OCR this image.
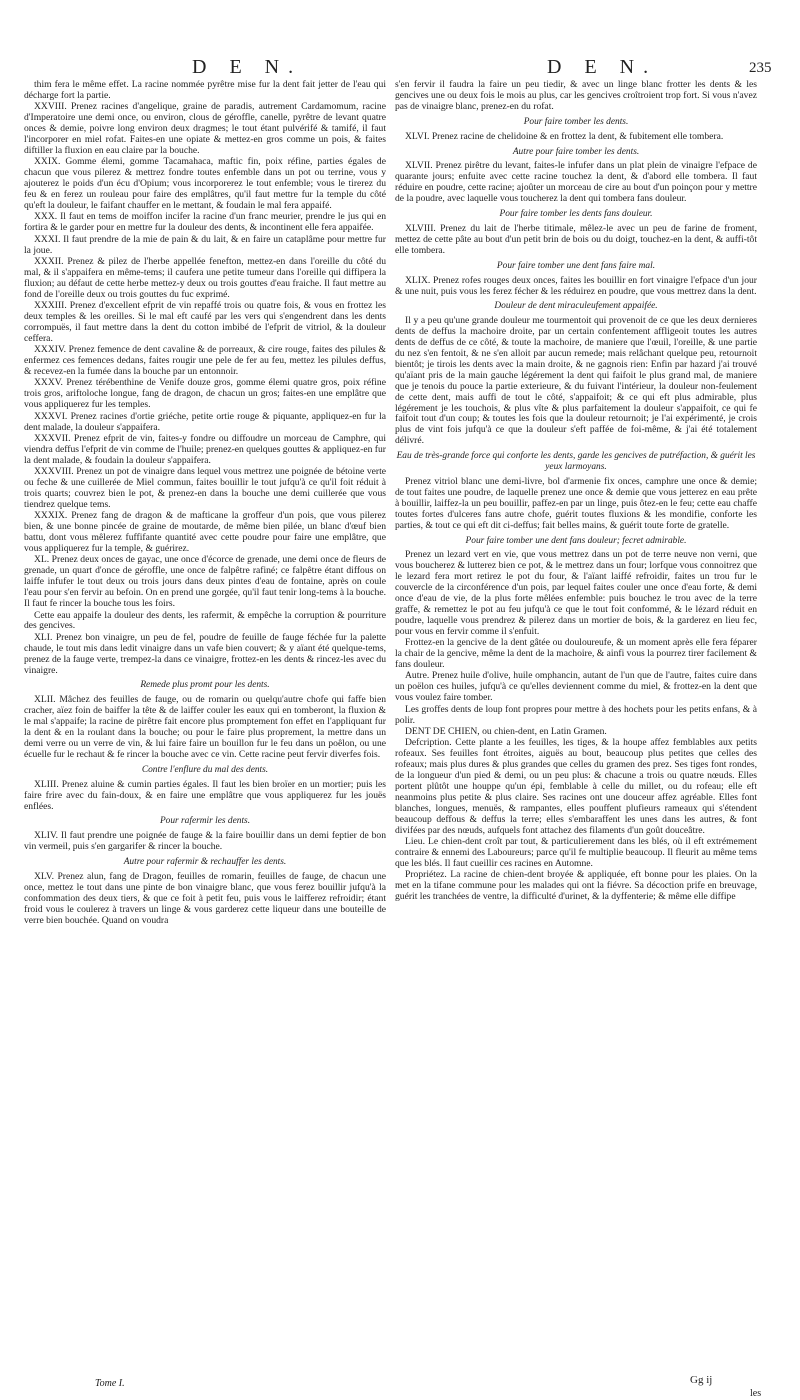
D E N.	D E N.	235

thim fera le même effet. La racine nommée pyrêtre mise fur la dent fait jetter de l'eau qui décharge fort la partie.

XXVIII. Prenez racines d'angelique, graine de paradis, autrement Cardamomum, racine d'Imperatoire une demi once, ou environ, clous de géroffle, canelle, pyrêtre de levant quatre onces & demie, poivre long environ deux dragmes; le tout étant pulvérifé & tamifé, il faut l'incorporer en miel rofat. Faites-en une opiate & mettez-en gros comme un pois, & faites diftiller la fluxion en eau claire par la bouche.

XXIX. Gomme élemi, gomme Tacamahaca, maftic fin, poix réfine, parties égales de chacun que vous pilerez & mettrez fondre toutes enfemble dans un pot ou terrine, vous y ajouterez le poids d'un écu d'Opium; vous incorporerez le tout enfemble; vous le tirerez du feu & en ferez un rouleau pour faire des emplâtres, qu'il faut mettre fur la temple du côté qu'eft la douleur, le faifant chauffer en le mettant, & foudain le mal fera appaifé.

XXX. Il faut en tems de moiffon incifer la racine d'un franc meurier, prendre le jus qui en fortira & le garder pour en mettre fur la douleur des dents, & incontinent elle fera appaifée.

XXXI. Il faut prendre de la mie de pain & du lait, & en faire un cataplâme pour mettre fur la joue.

XXXII. Prenez & pilez de l'herbe appellée fenefton, mettez-en dans l'oreille du côté du mal, & il s'appaifera en même-tems; il caufera une petite tumeur dans l'oreille qui diffipera la fluxion; au défaut de cette herbe mettez-y deux ou trois gouttes d'eau fraiche. Il faut mettre au fond de l'oreille deux ou trois gouttes du fuc exprimé.

XXXIII. Prenez d'excellent efprit de vin repaffé trois ou quatre fois, & vous en frottez les deux temples & les oreilles. Si le mal eft caufé par les vers qui s'engendrent dans les dents corrompuës, il faut mettre dans la dent du cotton imbibé de l'efprit de vitriol, & la douleur ceffera.

XXXIV. Prenez femence de dent cavaline & de porreaux, & cire rouge, faites des pilules & enfermez ces femences dedans, faites rougir une pele de fer au feu, mettez les pilules deffus, & recevez-en la fumée dans la bouche par un entonnoir.

XXXV. Prenez térébenthine de Venife douze gros, gomme élemi quatre gros, poix réfine trois gros, ariftoloche longue, fang de dragon, de chacun un gros; faites-en une emplâtre que vous appliquerez fur les temples.

XXXVI. Prenez racines d'ortie griéche, petite ortie rouge & piquante, appliquez-en fur la dent malade, la douleur s'appaifera.

XXXVII. Prenez efprit de vin, faites-y fondre ou diffoudre un morceau de Camphre, qui viendra deffus l'efprit de vin comme de l'huile; prenez-en quelques gouttes & appliquez-en fur la dent malade, & foudain la douleur s'appaifera.

XXXVIII. Prenez un pot de vinaigre dans lequel vous mettrez une poignée de bétoine verte ou feche & une cuillerée de Miel commun, faites bouillir le tout jufqu'à ce qu'il foit réduit à trois quarts; couvrez bien le pot, & prenez-en dans la bouche une demi cuillerée que vous tiendrez quelque tems.

XXXIX. Prenez fang de dragon & de mafticane la groffeur d'un pois, que vous pilerez bien, & une bonne pincée de graine de moutarde, de même bien pilée, un blanc d'œuf bien battu, dont vous mêlerez fuffifante quantité avec cette poudre pour faire une emplâtre, que vous appliquerez fur la temple, & guérirez.

XL. Prenez deux onces de gayac, une once d'écorce de grenade, une demi once de fleurs de grenade, un quart d'once de géroffle, une once de falpêtre rafiné; ce falpêtre étant diffous on laiffe infufer le tout deux ou trois jours dans deux pintes d'eau de fontaine, après on coule l'eau pour s'en fervir au befoin. On en prend une gorgée, qu'il faut tenir long-tems à la bouche. Il faut fe rincer la bouche tous les foirs.

Cette eau appaife la douleur des dents, les rafermit, & empêche la corruption & pourriture des gencives.

XLI. Prenez bon vinaigre, un peu de fel, poudre de feuille de fauge féchée fur la palette chaude, le tout mis dans ledit vinaigre dans un vafe bien couvert; & y aïant été quelque-tems, prenez de la fauge verte, trempez-la dans ce vinaigre, frottez-en les dents & rincez-les avec du vinaigre.

Remede plus promt pour les dents.

XLII. Mâchez des feuilles de fauge, ou de romarin ou quelqu'autre chofe qui faffe bien cracher, aïez foin de baiffer la tête & de laiffer couler les eaux qui en tomberont, la fluxion & le mal s'appaife; la racine de pirêtre fait encore plus promptement fon effet en l'appliquant fur la dent & en la roulant dans la bouche; ou pour le faire plus proprement, la mettre dans un demi verre ou un verre de vin, & lui faire faire un bouillon fur le feu dans un poêlon, ou une écuelle fur le rechaut & fe rincer la bouche avec ce vin. Cette racine peut fervir diverfes fois.

Contre l'enflure du mal des dents.

XLIII. Prenez aluine & cumin parties égales. Il faut les bien broïer en un mortier; puis les faire frire avec du fain-doux, & en faire une emplâtre que vous appliquerez fur les jouës enflées.

Pour rafermir les dents.

XLIV. Il faut prendre une poignée de fauge & la faire bouillir dans un demi feptier de bon vin vermeil, puis s'en gargarifer & rincer la bouche.

Autre pour rafermir & rechauffer les dents.

XLV. Prenez alun, fang de Dragon, feuilles de romarin, feuilles de fauge, de chacun une once, mettez le tout dans une pinte de bon vinaigre blanc, que vous ferez bouillir jufqu'à la confommation des deux tiers, & que ce foit à petit feu, puis vous le laifferez refroidir; étant froid vous le coulerez à travers un linge & vous garderez cette liqueur dans une bouteille de verre bien bouchée. Quand on voudra

s'en fervir il faudra la faire un peu tiedir, & avec un linge blanc frotter les dents & les gencives une ou deux fois le mois au plus, car les gencives croîtroient trop fort. Si vous n'avez pas de vinaigre blanc, prenez-en du rofat.

Pour faire tomber les dents.

XLVI. Prenez racine de chelidoine & en frottez la dent, & fubitement elle tombera.

Autre pour faire tomber les dents.

XLVII. Prenez pirêtre du levant, faites-le infufer dans un plat plein de vinaigre l'efpace de quarante jours; enfuite avec cette racine touchez la dent, & d'abord elle tombera. Il faut réduire en poudre, cette racine; ajoûter un morceau de cire au bout d'un poinçon pour y mettre de la poudre, avec laquelle vous toucherez la dent qui tombera fans douleur.

Pour faire tomber les dents fans douleur.

XLVIII. Prenez du lait de l'herbe titimale, mêlez-le avec un peu de farine de froment, mettez de cette pâte au bout d'un petit brin de bois ou du doigt, touchez-en la dent, & auffi-tôt elle tombera.

Pour faire tomber une dent fans faire mal.

XLIX. Prenez rofes rouges deux onces, faites les bouillir en fort vinaigre l'efpace d'un jour & une nuit, puis vous les ferez fécher & les réduirez en poudre, que vous mettrez dans la dent.

Douleur de dent miraculeufement appaifée.

Il y a peu qu'une grande douleur me tourmentoit qui provenoit de ce que les deux dernieres dents de deffus la machoire droite, par un certain confentement affligeoit toutes les autres dents de deffus de ce côté, & toute la machoire, de maniere que l'œuil, l'oreille, & une partie du nez s'en fentoit, & ne s'en alloit par aucun remede; mais relâchant quelque peu, retournoit bientôt; je tirois les dents avec la main droite, & ne gagnois rien: Enfin par hazard j'ai trouvé qu'aïant pris de la main gauche légérement la dent qui faifoit le plus grand mal, de maniere que je tenois du pouce la partie exterieure, & du fuivant l'intérieur, la douleur non-feulement de cette dent, mais auffi de tout le côté, s'appaifoit; & ce qui eft plus admirable, plus légérement je les touchois, & plus vîte & plus parfaitement la douleur s'appaifoit, ce qui fe faifoit tout d'un coup; & toutes les fois que la douleur retournoit; je l'ai expérimenté, je crois plus de vint fois jufqu'à ce que la douleur s'eft paffée de foi-même, & j'ai été totalement délivré.

Eau de très-grande force qui conforte les dents, garde les gencives de putréfaction, & guérit les yeux larmoyans.

Prenez vitriol blanc une demi-livre, bol d'armenie fix onces, camphre une once & demie; de tout faites une poudre, de laquelle prenez une once & demie que vous jetterez en eau prête à bouillir, laiffez-la un peu bouillir, paffez-en par un linge, puis ôtez-en le feu; cette eau chaffe toutes fortes d'ulceres fans autre chofe, guérit toutes fluxions & les mondifie, conforte les parties, & tout ce qui eft dit ci-deffus; fait belles mains, & guérit toute forte de gratelle.

Pour faire tomber une dent fans douleur; fecret admirable.

Prenez un lezard vert en vie, que vous mettrez dans un pot de terre neuve non verni, que vous boucherez & lutterez bien ce pot, & le mettrez dans un four; lorfque vous connoitrez que le lezard fera mort retirez le pot du four, & l'aïant laiffé refroidir, faites un trou fur le couvercle de la circonférence d'un pois, par lequel faites couler une once d'eau forte, & demi once d'eau de vie, de la plus forte mêlées enfemble: puis bouchez le trou avec de la terre graffe, & remettez le pot au feu jufqu'à ce que le tout foit confommé, & le lézard réduit en poudre, laquelle vous prendrez & pilerez dans un mortier de bois, & la garderez en lieu fec, pour vous en fervir comme il s'enfuit.

Frottez-en la gencive de la dent gâtée ou douloureufe, & un moment après elle fera féparer la chair de la gencive, même la dent de la machoire, & ainfi vous la pourrez tirer facilement & fans douleur.

Autre. Prenez huile d'olive, huile omphancin, autant de l'un que de l'autre, faites cuire dans un poëlon ces huiles, jufqu'à ce qu'elles deviennent comme du miel, & frottez-en la dent que vous voulez faire tomber.

Les groffes dents de loup font propres pour mettre à des hochets pour les petits enfans, & à polir.

DENT DE CHIEN, ou chien-dent, en Latin Gramen.

Defcription. Cette plante a les feuilles, les tiges, & la houpe affez femblables aux petits rofeaux. Ses feuilles font étroites, aiguës au bout, beaucoup plus petites que celles des rofeaux; mais plus dures & plus grandes que celles du gramen des prez. Ses tiges font rondes, de la longueur d'un pied & demi, ou un peu plus: & chacune a trois ou quatre nœuds. Elles portent plûtôt une houppe qu'un épi, femblable à celle du millet, ou du rofeau; elle eft neanmoins plus petite & plus claire. Ses racines ont une douceur affez agréable. Elles font blanches, longues, menuës, & rampantes, elles pouffent plufieurs rameaux qui s'étendent beaucoup deffous & deffus la terre; elles s'embaraffent les unes dans les autres, & font divifées par des nœuds, aufquels font attachez des filaments d'un goût douceâtre.

Lieu. Le chien-dent croît par tout, & particulierement dans les blés, où il eft extrémement contraire & ennemi des Laboureurs; parce qu'il fe multiplie beaucoup. Il fleurit au même tems que les blés. Il faut cueillir ces racines en Automne.

Propriétez. La racine de chien-dent broyée & appliquée, eft bonne pour les plaies. On la met en la tifane commune pour les malades qui ont la fiévre. Sa décoction prife en breuvage, guérit les tranchées de ventre, la difficulté d'urinet, & la dyffenterie; & même elle diffipe

Tome I.	Gg ij
les
